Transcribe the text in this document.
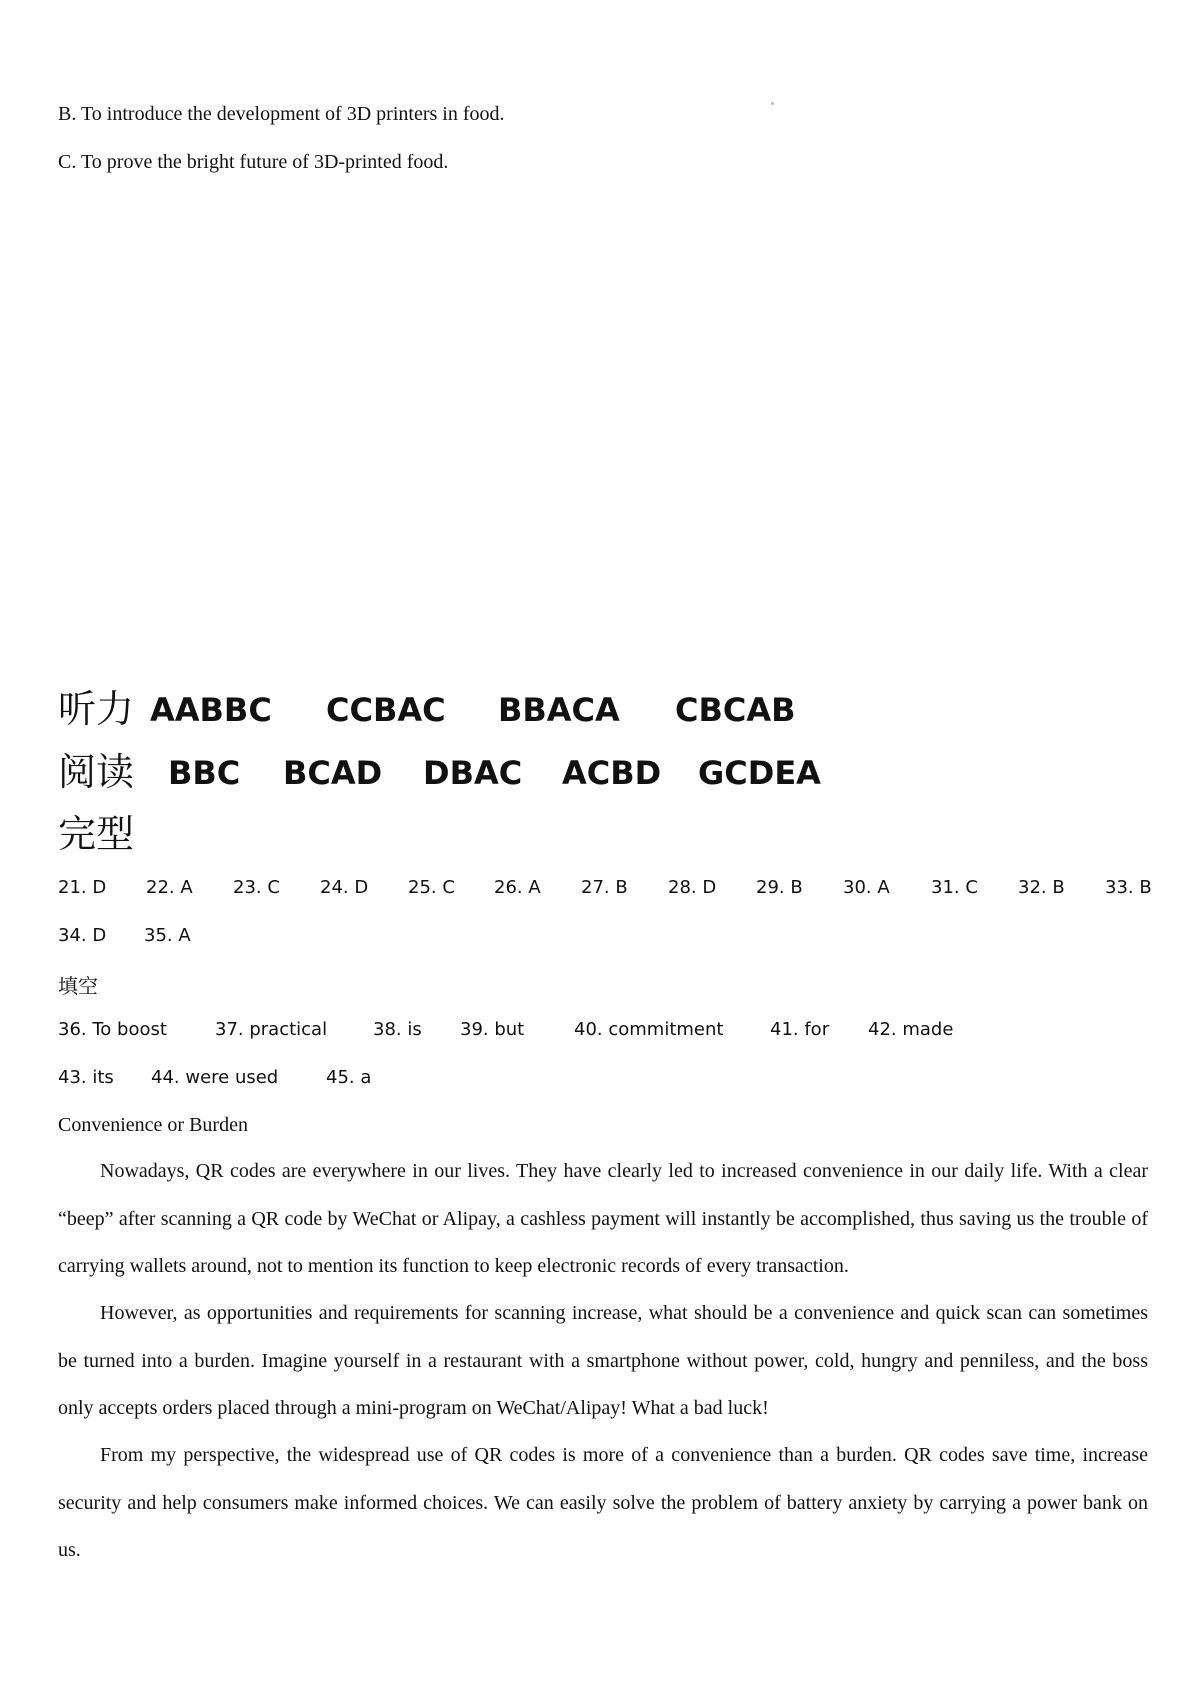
B. To introduce the development of 3D printers in food.
C. To prove the bright future of 3D-printed food.
听力 AABBC CCBAC BBACA CBCAB
阅读 BBC BCAD DBAC ACBD GCDEA
完型
21. D 22. A 23. C 24. D 25. C 26. A 27. B 28. D 29. B 30. A 31. C 32. B 33. B
34. D 35. A
填空
36. To boost	37. practical	38. is 39. but	40. commitment	41. for 42. made
43. its 44. were used	45. a
Convenience or Burden

Nowadays, QR codes are everywhere in our lives. They have clearly led to increased convenience in our daily life. With a clear “beep” after scanning a QR code by WeChat or Alipay, a cashless payment will instantly be accomplished, thus saving us the trouble of carrying wallets around, not to mention its function to keep electronic records of every transaction.

However, as opportunities and requirements for scanning increase, what should be a convenience and quick scan can sometimes be turned into a burden. Imagine yourself in a restaurant with a smartphone without power, cold, hungry and penniless, and the boss only accepts orders placed through a mini-program on WeChat/Alipay! What a bad luck!

From my perspective, the widespread use of QR codes is more of a convenience than a burden. QR codes save time, increase security and help consumers make informed choices. We can easily solve the problem of battery anxiety by carrying a power bank on us.
